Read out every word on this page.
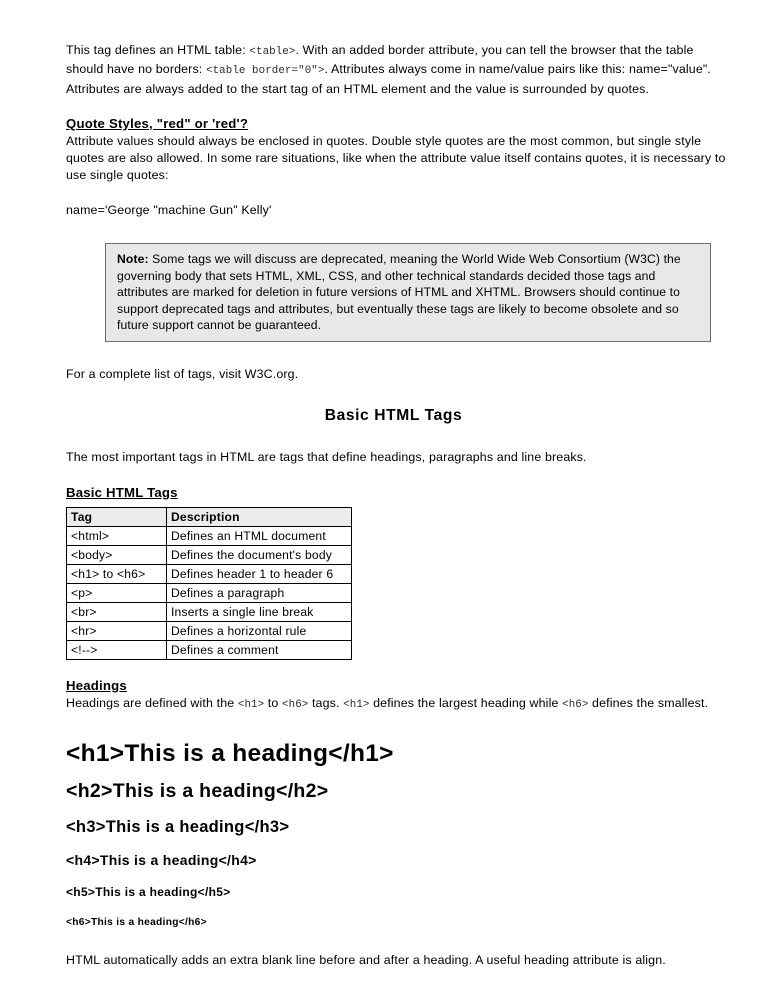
This tag defines an HTML table: <table>. With an added border attribute, you can tell the browser that the table should have no borders: <table border="0">. Attributes always come in name/value pairs like this: name="value". Attributes are always added to the start tag of an HTML element and the value is surrounded by quotes.

Quote Styles, "red" or 'red'?

Attribute values should always be enclosed in quotes. Double style quotes are the most common, but single style quotes are also allowed. In some rare situations, like when the attribute value itself contains quotes, it is necessary to use single quotes:

name='George "machine Gun" Kelly'

Note: Some tags we will discuss are deprecated, meaning the World Wide Web Consortium (W3C) the governing body that sets HTML, XML, CSS, and other technical standards decided those tags and attributes are marked for deletion in future versions of HTML and XHTML. Browsers should continue to support deprecated tags and attributes, but eventually these tags are likely to become obsolete and so future support cannot be guaranteed.

For a complete list of tags, visit W3C.org.

Basic HTML Tags

The most important tags in HTML are tags that define headings, paragraphs and line breaks.

Basic HTML Tags
Tag	Description
<html>	Defines an HTML document
<body>	Defines the document's body
<h1> to <h6>	Defines header 1 to header 6
<p>	Defines a paragraph
<br>	Inserts a single line break
<hr>	Defines a horizontal rule
<!-->	Defines a comment
Headings

Headings are defined with the <h1> to <h6> tags. <h1> defines the largest heading while <h6> defines the smallest.

<h1>This is a heading</h1>

<h2>This is a heading</h2>

<h3>This is a heading</h3>

<h4>This is a heading</h4>

<h5>This is a heading</h5>

<h6>This is a heading</h6>

HTML automatically adds an extra blank line before and after a heading. A useful heading attribute is align.
